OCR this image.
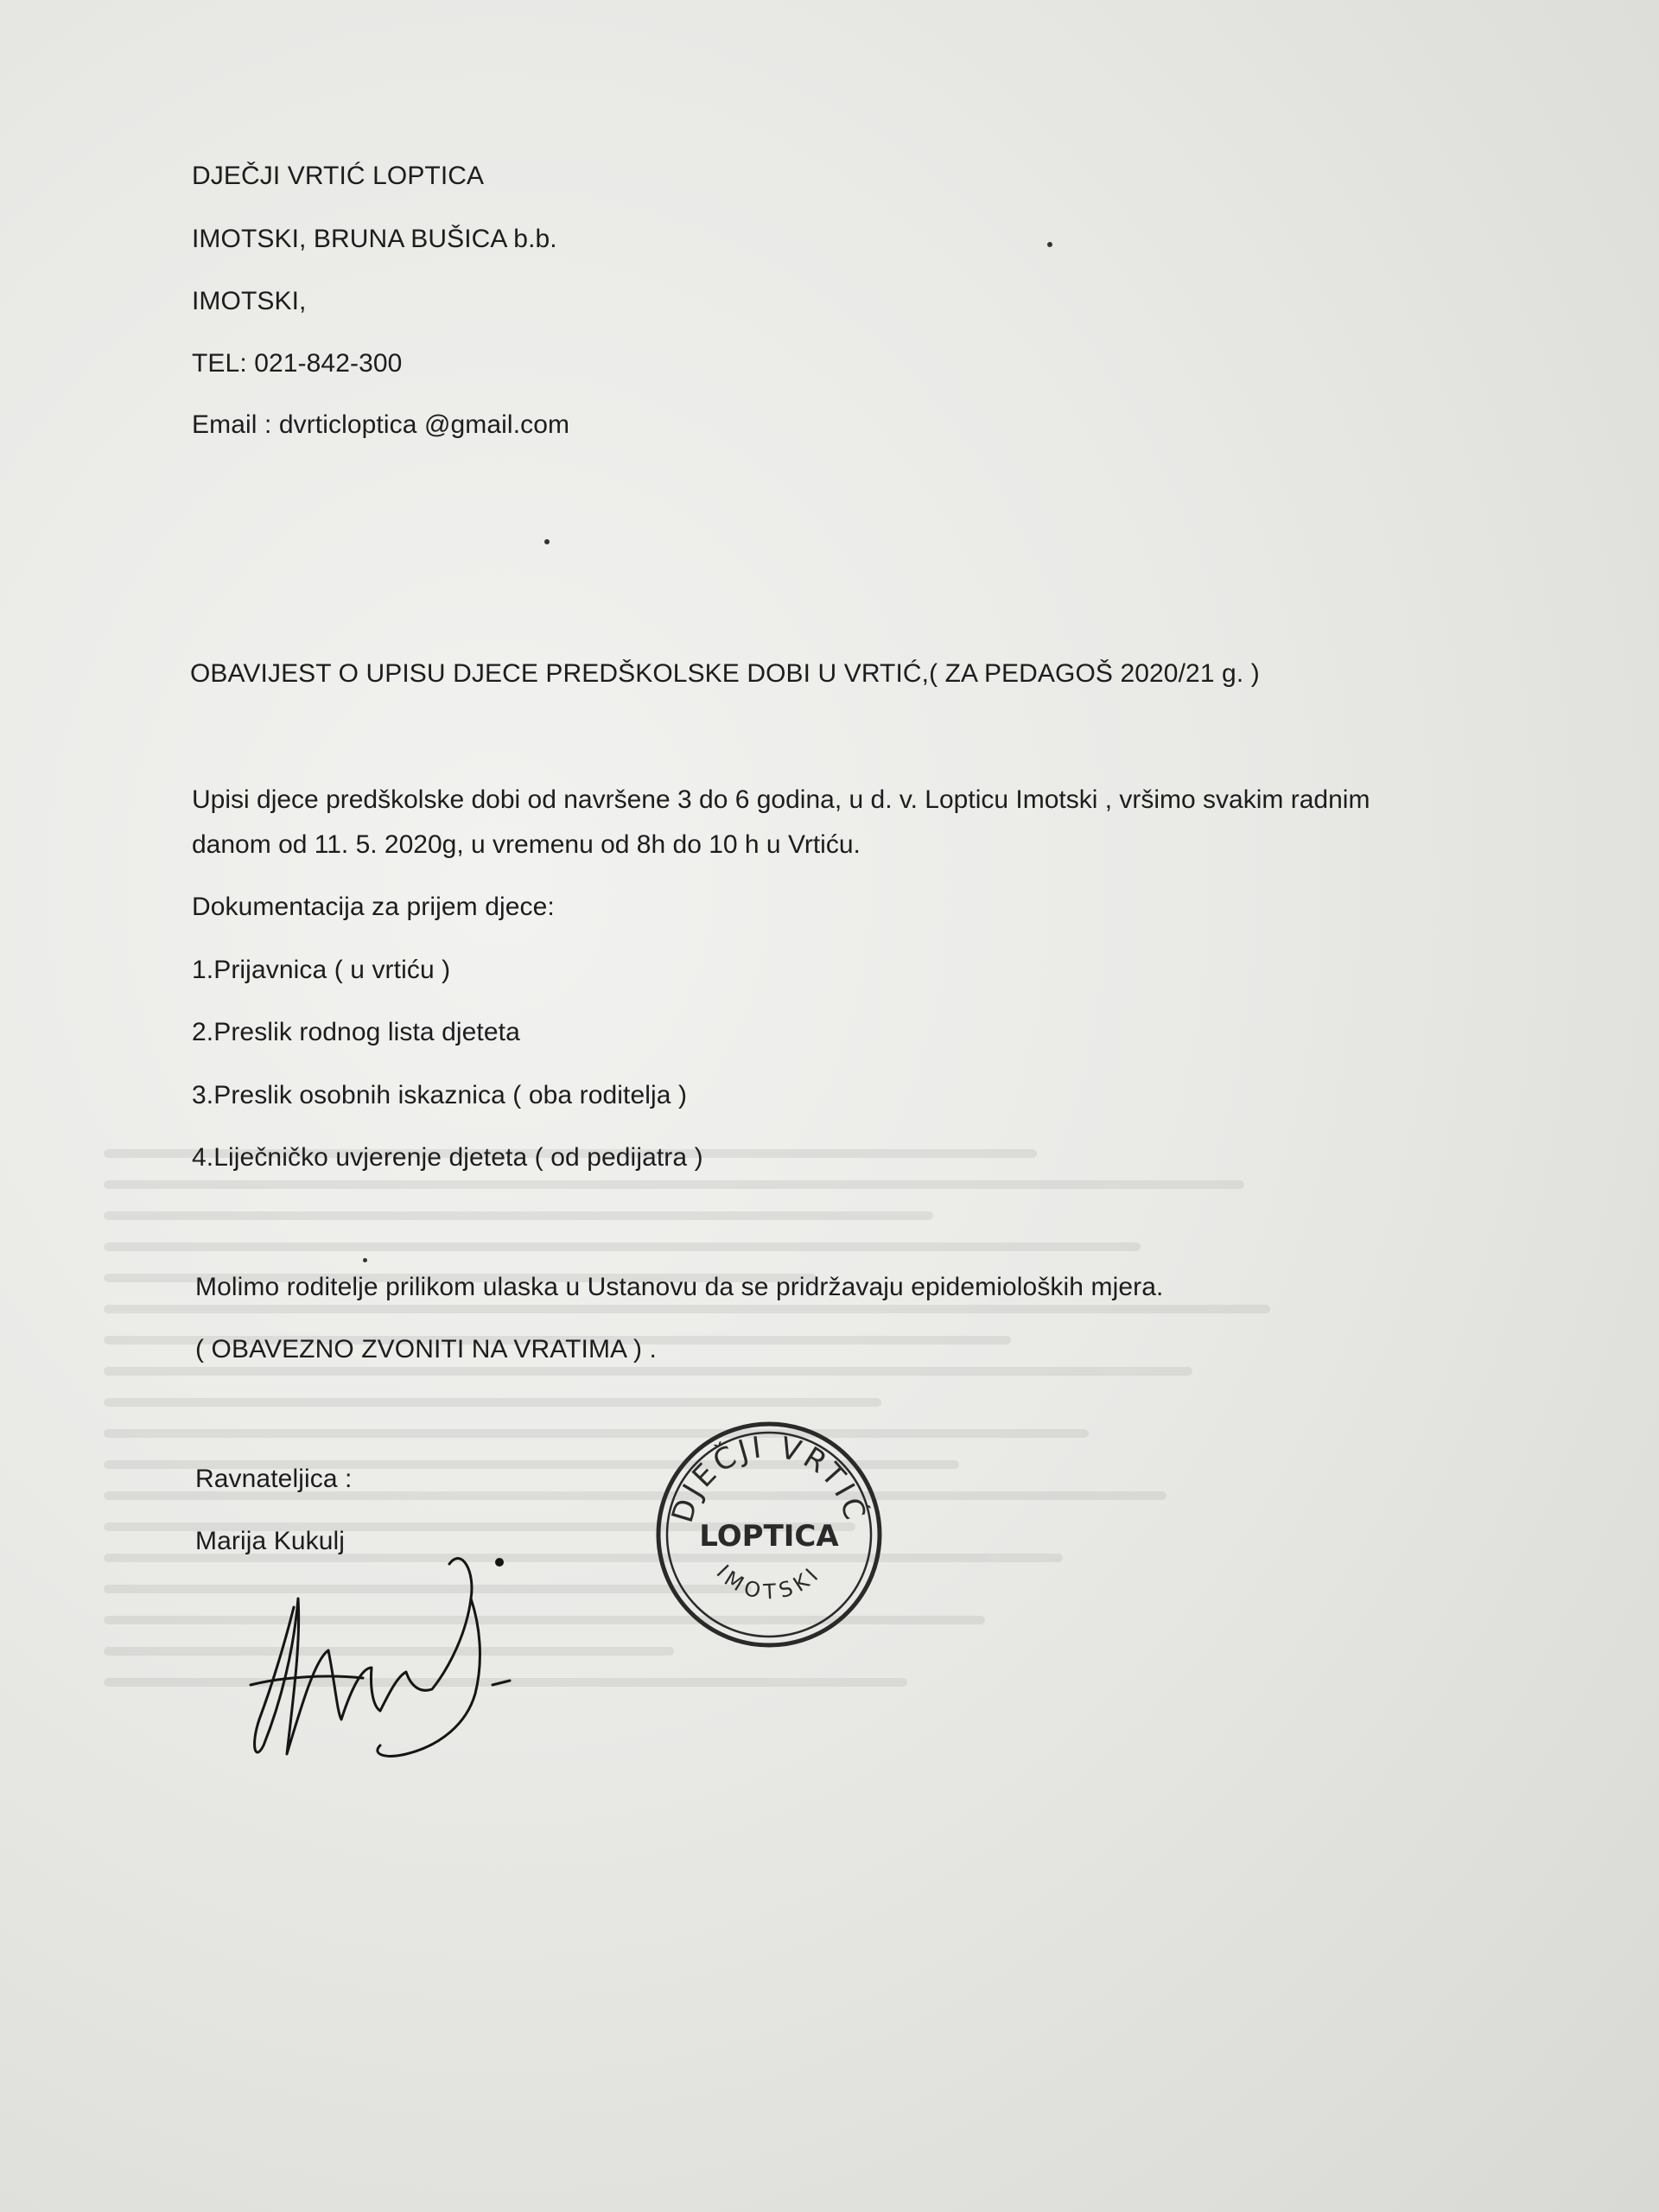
DJEČJI VRTIĆ LOPTICA
IMOTSKI, BRUNA BUŠICA b.b.
IMOTSKI,
TEL: 021-842-300
Email : dvrticloptica @gmail.com
OBAVIJEST O UPISU DJECE PREDŠKOLSKE DOBI U VRTIĆ,( ZA PEDAGOŠ 2020/21 g. )
Upisi djece predškolske dobi od navršene 3 do 6 godina, u d. v. Lopticu Imotski , vršimo svakim radnim danom od 11. 5. 2020g, u vremenu od 8h do 10 h u Vrtiću.
Dokumentacija za prijem djece:
1.Prijavnica ( u vrtiću )
2.Preslik rodnog lista djeteta
3.Preslik osobnih iskaznica ( oba roditelja )
4.Liječničko uvjerenje djeteta ( od pedijatra )
Molimo roditelje prilikom ulaska u Ustanovu da se pridržavaju epidemioloških mjera.
( OBAVEZNO ZVONITI NA VRATIMA ) .
Ravnateljica :
Marija Kukulj
DJEČJI VRTIĆ
LOPTICA
IMOTSKI
